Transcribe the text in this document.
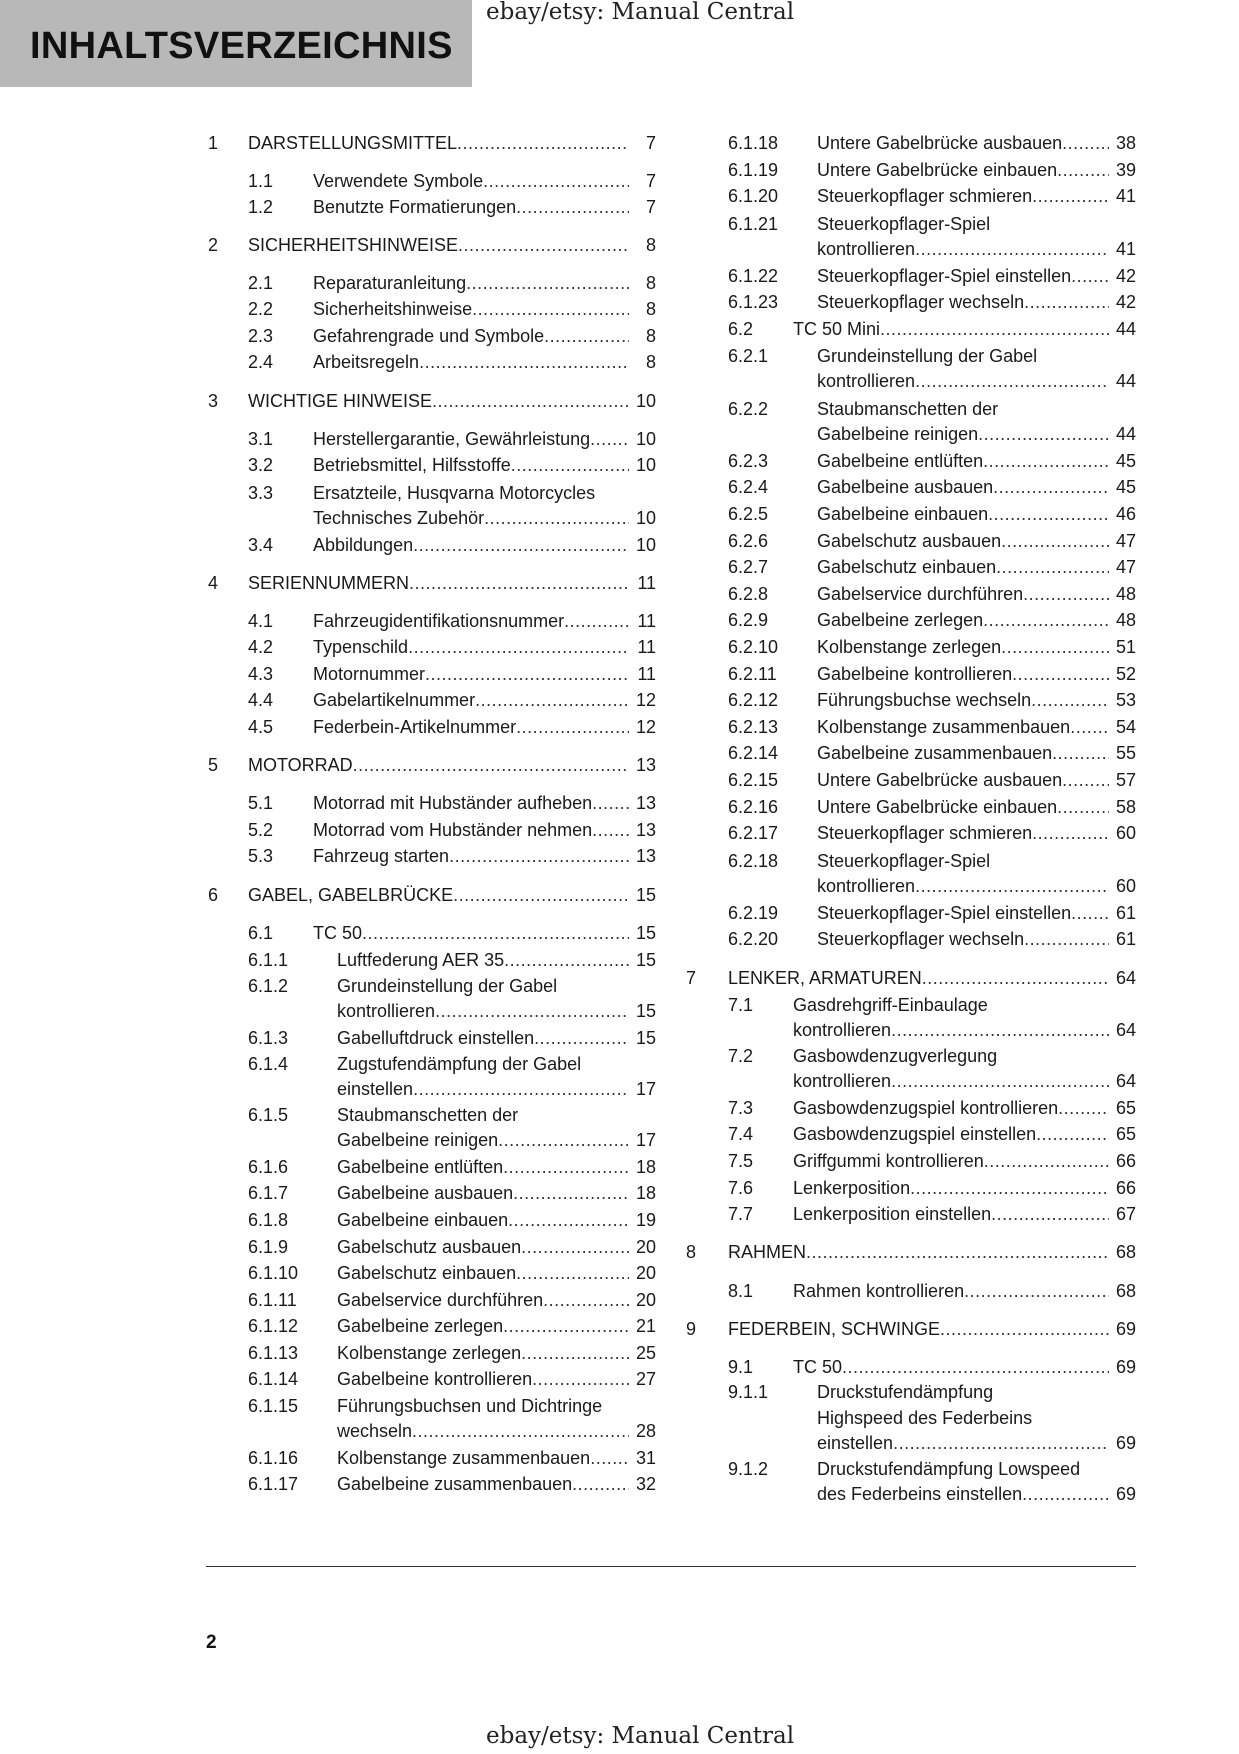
INHALTSVERZEICHNIS
ebay/etsy: Manual Central
ebay/etsy: Manual Central
1 DARSTELLUNGSMITTEL .....	7
1.1 Verwendete Symbole .....	7
1.2 Benutzte Formatierungen .....	7
2 SICHERHEITSHINWEISE .....	8
2.1 Reparaturanleitung .....	8
2.2 Sicherheitshinweise .....	8
2.3 Gefahrengrade und Symbole .....	8
2.4 Arbeitsregeln .....	8
3 WICHTIGE HINWEISE .....	10
3.1 Herstellergarantie, Gewährleistung .....	10
3.2 Betriebsmittel, Hilfsstoffe .....	10
3.3 Ersatzteile, Husqvarna Motorcycles
Technisches Zubehör .....	10
3.4 Abbildungen .....	10
4 SERIENNUMMERN .....	11
4.1 Fahrzeugidentifikationsnummer .....	11
4.2 Typenschild .....	11
4.3 Motornummer .....	11
4.4 Gabelartikelnummer .....	12
4.5 Federbein-Artikelnummer .....	12
5 MOTORRAD .....	13
5.1 Motorrad mit Hubständer aufheben .....	13
5.2 Motorrad vom Hubständer nehmen .....	13
5.3 Fahrzeug starten .....	13
6 GABEL, GABELBRÜCKE .....	15
6.1 TC 50 .....	15
6.1.1	Luftfederung AER 35 .....	15
6.1.2	Grundeinstellung der Gabel
kontrollieren .....	15
6.1.3	Gabelluftdruck einstellen .....	15
6.1.4	Zugstufendämpfung der Gabel
einstellen .....	17
6.1.5	Staubmanschetten der
Gabelbeine reinigen .....	17
6.1.6	Gabelbeine entlüften .....	18
6.1.7	Gabelbeine ausbauen .....	18
6.1.8	Gabelbeine einbauen .....	19
6.1.9	Gabelschutz ausbauen .....	20
6.1.10 Gabelschutz einbauen .....	20
6.1.11 Gabelservice durchführen .....	20
6.1.12 Gabelbeine zerlegen .....	21
6.1.13 Kolbenstange zerlegen .....	25
6.1.14 Gabelbeine kontrollieren .....	27
6.1.15 Führungsbuchsen und Dichtringe
wechseln .....	28
6.1.16 Kolbenstange zusammenbauen .....	31
6.1.17 Gabelbeine zusammenbauen .....	32
6.1.18 Untere Gabelbrücke ausbauen .....	38
6.1.19 Untere Gabelbrücke einbauen .....	39
6.1.20 Steuerkopflager schmieren .....	41
6.1.21 Steuerkopflager-Spiel
kontrollieren .....	41
6.1.22 Steuerkopflager-Spiel einstellen .....	42
6.1.23 Steuerkopflager wechseln .....	42
6.2 TC 50 Mini .....	44
6.2.1	Grundeinstellung der Gabel
kontrollieren .....	44
6.2.2	Staubmanschetten der
Gabelbeine reinigen .....	44
6.2.3	Gabelbeine entlüften .....	45
6.2.4	Gabelbeine ausbauen .....	45
6.2.5	Gabelbeine einbauen .....	46
6.2.6	Gabelschutz ausbauen .....	47
6.2.7	Gabelschutz einbauen .....	47
6.2.8	Gabelservice durchführen .....	48
6.2.9	Gabelbeine zerlegen .....	48
6.2.10 Kolbenstange zerlegen .....	51
6.2.11 Gabelbeine kontrollieren .....	52
6.2.12 Führungsbuchse wechseln .....	53
6.2.13 Kolbenstange zusammenbauen .....	54
6.2.14 Gabelbeine zusammenbauen .....	55
6.2.15 Untere Gabelbrücke ausbauen .....	57
6.2.16 Untere Gabelbrücke einbauen .....	58
6.2.17 Steuerkopflager schmieren .....	60
6.2.18 Steuerkopflager-Spiel
kontrollieren .....	60
6.2.19 Steuerkopflager-Spiel einstellen .....	61
6.2.20 Steuerkopflager wechseln .....	61
7 LENKER, ARMATUREN .....	64
7.1 Gasdrehgriff-Einbaulage
kontrollieren .....	64
7.2 Gasbowdenzugverlegung
kontrollieren .....	64
7.3 Gasbowdenzugspiel kontrollieren .....	65
7.4 Gasbowdenzugspiel einstellen .....	65
7.5 Griffgummi kontrollieren .....	66
7.6 Lenkerposition .....	66
7.7 Lenkerposition einstellen .....	67
8 RAHMEN .....	68
8.1 Rahmen kontrollieren .....	68
9 FEDERBEIN, SCHWINGE .....	69
9.1 TC 50 .....	69
9.1.1	Druckstufendämpfung
Highspeed des Federbeins
einstellen .....	69
9.1.2	Druckstufendämpfung Lowspeed
des Federbeins einstellen .....	69
2
